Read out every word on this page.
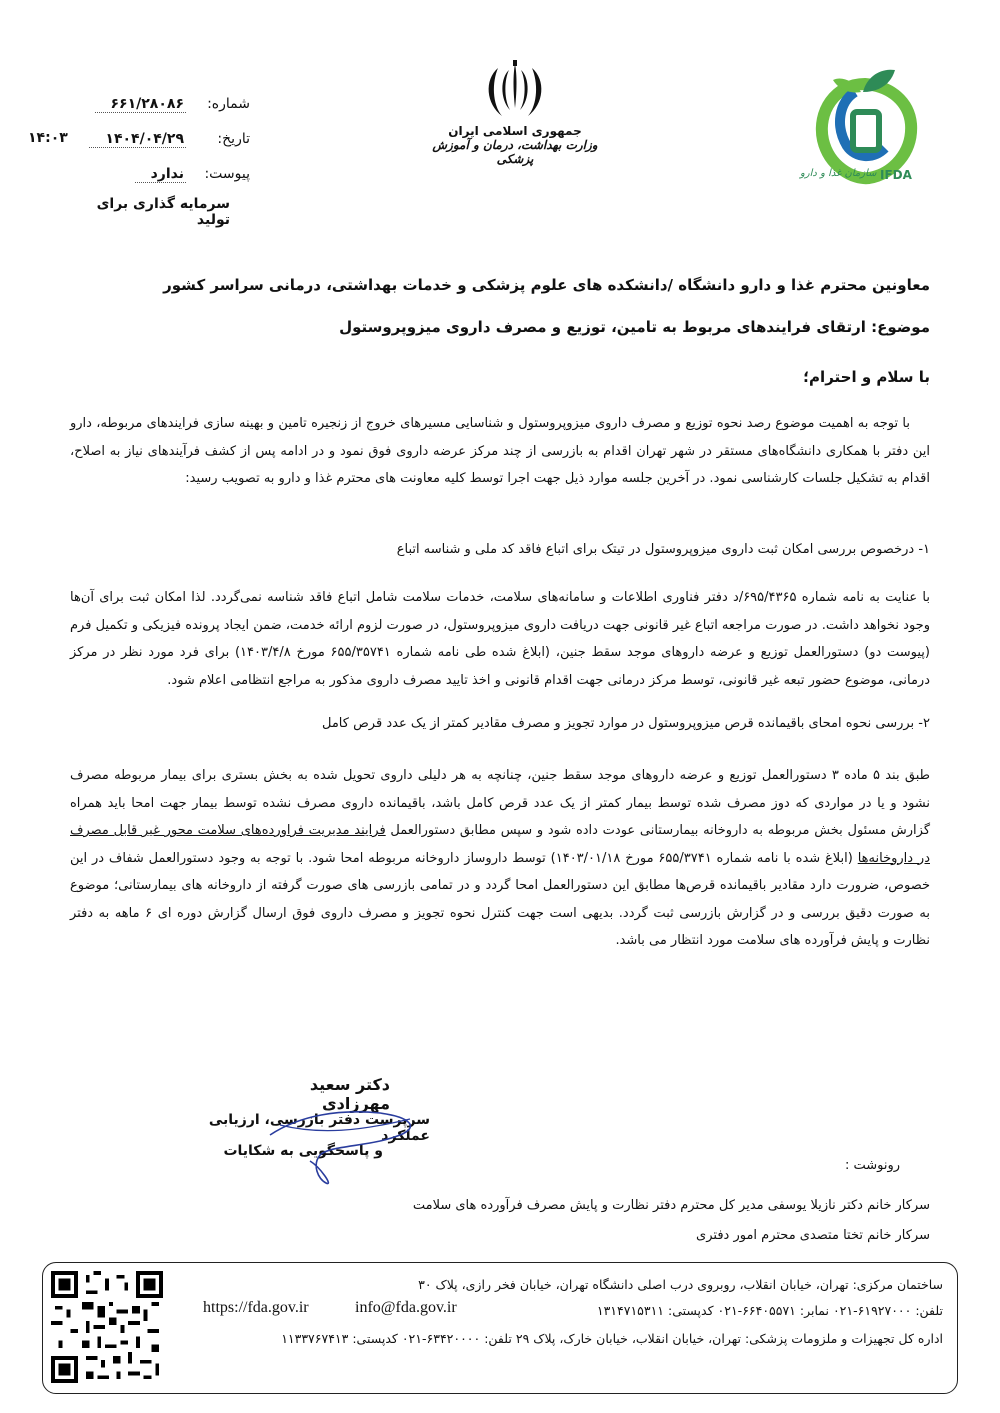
شماره:
۶۶۱/۲۸۰۸۶
تاریخ:
۱۴۰۴/۰۴/۲۹
۱۴:۰۳
پیوست:
ندارد
سرمایه گذاری برای تولید
جمهوری اسلامی ایران
وزارت بهداشت، درمان و آموزش پزشکی
سازمان غذا و دارو IFDA
معاونین محترم غذا و دارو دانشگاه /دانشکده های علوم پزشکی و خدمات بهداشتی، درمانی سراسر کشور
موضوع: ارتقای فرایندهای مربوط به تامین، توزیع و مصرف داروی میزوپروستول
با سلام و احترام؛
با توجه به اهمیت موضوع رصد نحوه توزیع و مصرف داروی میزوپروستول و شناسایی مسیرهای خروج از زنجیره تامین و بهینه سازی فرایندهای مربوطه، دارو این دفتر با همکاری دانشگاه‌های مستقر در شهر تهران اقدام به بازرسی از چند مرکز عرضه داروی فوق نمود و در ادامه پس از کشف فرآیندهای نیاز به اصلاح، اقدام به تشکیل جلسات کارشناسی نمود. در آخرین جلسه موارد ذیل جهت اجرا توسط کلیه معاونت های محترم غذا و دارو به تصویب رسید:
۱- درخصوص بررسی امکان ثبت داروی میزوپروستول در تیتک برای اتباع فاقد کد ملی و شناسه اتباع
با عنایت به نامه شماره ۶۹۵/۴۳۶۵/د دفتر فناوری اطلاعات و سامانه‌های سلامت، خدمات سلامت شامل اتباع فاقد شناسه نمی‌گردد. لذا امکان ثبت برای آن‌ها وجود نخواهد داشت. در صورت مراجعه اتباع غیر قانونی جهت دریافت داروی میزوپروستول، در صورت لزوم ارائه خدمت، ضمن ایجاد پرونده فیزیکی و تکمیل فرم (پیوست دو) دستورالعمل توزیع و عرضه داروهای موجد سقط جنین، (ابلاغ شده طی نامه شماره ۶۵۵/۳۵۷۴۱ مورخ ۱۴۰۳/۴/۸) برای فرد مورد نظر در مرکز درمانی، موضوع حضور تبعه غیر قانونی، توسط مرکز درمانی جهت اقدام قانونی و اخذ تایید مصرف داروی مذکور به مراجع انتظامی اعلام شود.
۲- بررسی نحوه امحای باقیمانده قرص میزوپروستول در موارد تجویز و مصرف مقادیر کمتر از یک عدد قرص کامل
طبق بند ۵ ماده ۳ دستورالعمل توزیع و عرضه داروهای موجد سقط جنین، چنانچه به هر دلیلی داروی تحویل شده به بخش بستری برای بیمار مربوطه مصرف نشود و یا در مواردی که دوز مصرف شده توسط بیمار کمتر از یک عدد قرص کامل باشد، باقیمانده داروی مصرف نشده توسط بیمار جهت امحا باید همراه گزارش مسئول بخش مربوطه به داروخانه بیمارستانی عودت داده شود و سپس مطابق دستورالعمل فرایند مدیریت فراورده‌های سلامت محور غیر قابل مصرف در داروخانه‌ها (ابلاغ شده با نامه شماره ۶۵۵/۳۷۴۱ مورخ ۱۴۰۳/۰۱/۱۸) توسط داروساز داروخانه مربوطه امحا شود. با توجه به وجود دستورالعمل شفاف در این خصوص، ضرورت دارد مقادیر باقیمانده قرص‌ها مطابق این دستورالعمل امحا گردد و در تمامی بازرسی های صورت گرفته از داروخانه های بیمارستانی؛ موضوع به صورت دقیق بررسی و در گزارش بازرسی ثبت گردد. بدیهی است جهت کنترل نحوه تجویز و مصرف داروی فوق ارسال گزارش دوره ای ۶ ماهه به دفتر نظارت و پایش فرآورده های سلامت مورد انتظار می باشد.
دکتر سعید مهرزادی
سرپرست دفتر بازرسی، ارزیابی عملکرد
و پاسخگویی به شکایات
رونوشت :
سرکار خانم دکتر نازیلا یوسفی مدیر کل محترم دفتر نظارت و پایش مصرف فرآورده های سلامت
سرکار خانم تختا متصدی محترم امور دفتری
ساختمان مرکزی: تهران، خیابان انقلاب، روبروی درب اصلی دانشگاه تهران، خیابان فخر رازی، پلاک ۳۰
تلفن: ۶۱۹۲۷۰۰۰-۰۲۱ نمابر: ۶۶۴۰۵۵۷۱-۰۲۱ کدپستی: ۱۳۱۴۷۱۵۳۱۱
info@fda.gov.ir
https://fda.gov.ir
اداره کل تجهیزات و ملزومات پزشکی: تهران، خیابان انقلاب، خیابان خارک، پلاک ۲۹ تلفن: ۶۳۴۲۰۰۰۰-۰۲۱ کدپستی: ۱۱۳۳۷۶۷۴۱۳
